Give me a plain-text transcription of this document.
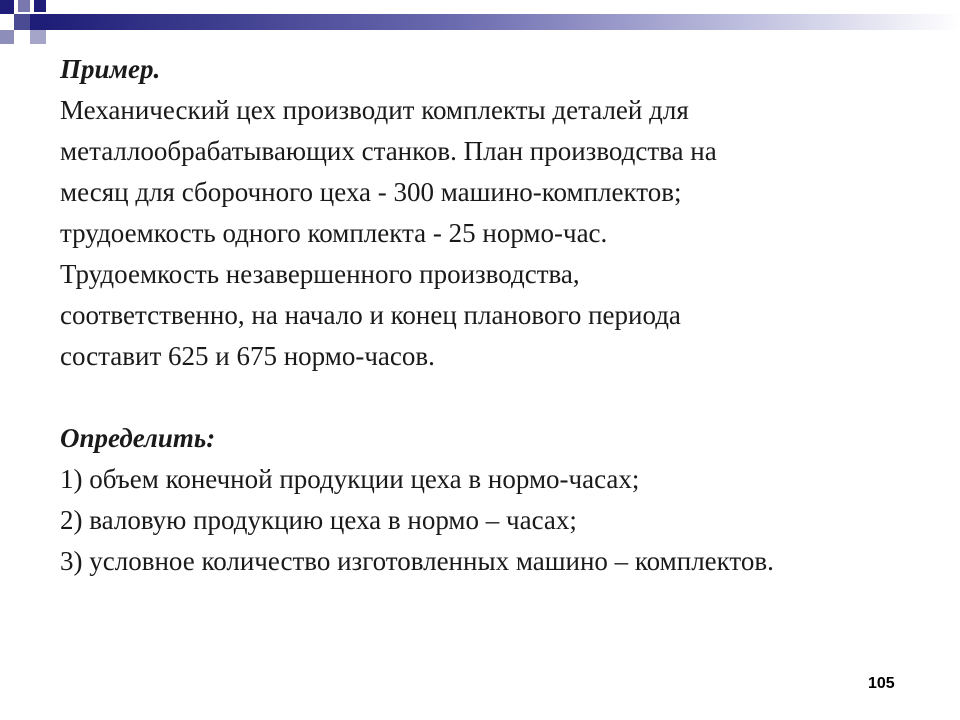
Пример.

Механический цех производит комплекты деталей для

металлообрабатывающих станков. План производства на

месяц для сборочного цеха - 300 машино-комплектов;

трудоемкость одного комплекта - 25 нормо-час.

Трудоемкость незавершенного производства,

соответственно, на начало и конец планового периода

составит 625 и 675 нормо-часов.

Определить:

1) объем конечной продукции цеха в нормо-часах;

2) валовую продукцию цеха в нормо – часах;

3) условное количество изготовленных машино – комплектов.

105
